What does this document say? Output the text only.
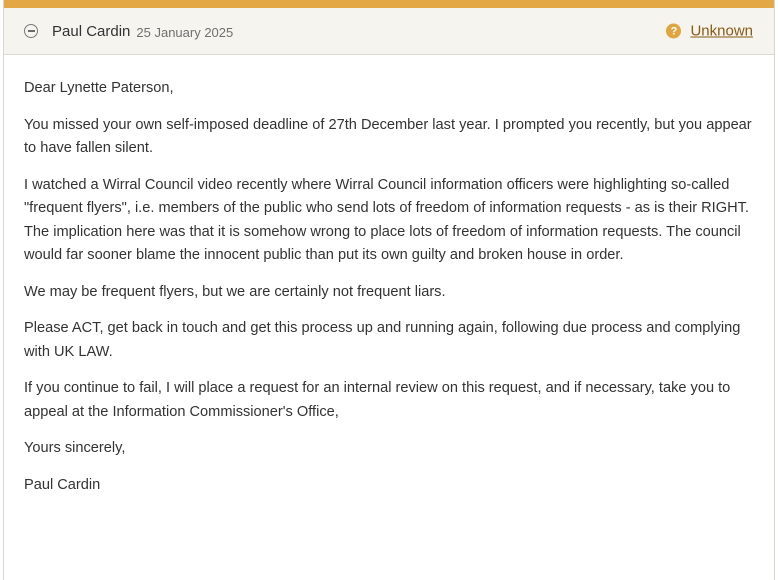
Paul Cardin 25 January 2025	? Unknown

Dear Lynette Paterson,

You missed your own self-imposed deadline of 27th December last year. I prompted you recently, but you appear to have fallen silent.

I watched a Wirral Council video recently where Wirral Council information officers were highlighting so-called "frequent flyers", i.e. members of the public who send lots of freedom of information requests - as is their RIGHT. The implication here was that it is somehow wrong to place lots of freedom of information requests. The council would far sooner blame the innocent public than put its own guilty and broken house in order.

We may be frequent flyers, but we are certainly not frequent liars.

Please ACT, get back in touch and get this process up and running again, following due process and complying with UK LAW.

If you continue to fail, I will place a request for an internal review on this request, and if necessary, take you to appeal at the Information Commissioner's Office,

Yours sincerely,

Paul Cardin
